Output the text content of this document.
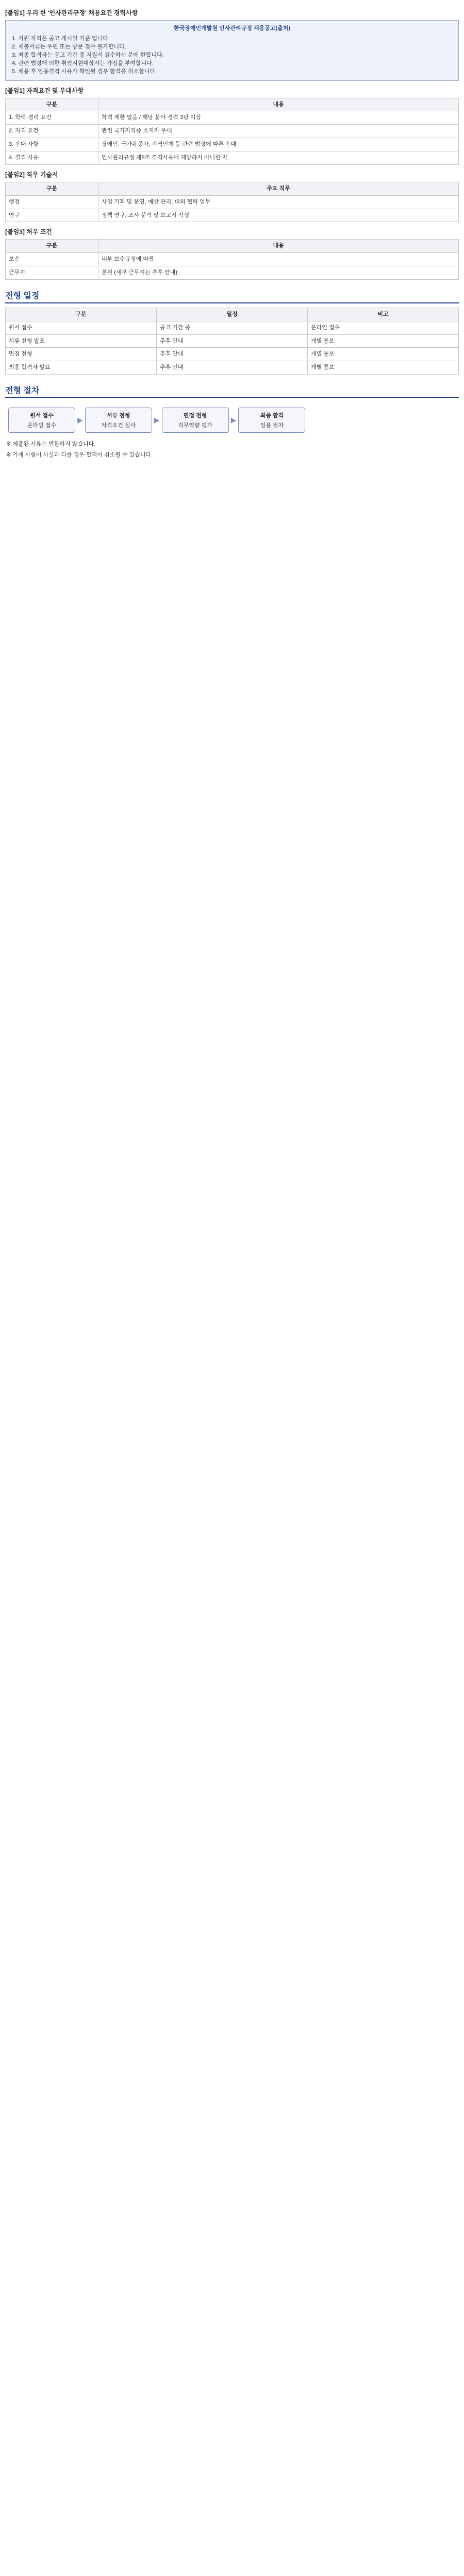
[붙임1] 우리 한 '인사관리규정' 채용요건 경력사항
한국장애인개발원 인사관리규정 채용공고(출처)
1. 지원 자격은 공고 게시일 기준 입니다.
2. 제출서류는 우편 또는 방문 접수 불가합니다.
3. 최종 합격자는 공고 기간 중 지원서 접수하신 분에 한합니다.
4. 관련 법령에 의한 취업지원대상자는 가점을 부여합니다.
5. 채용 후 임용결격 사유가 확인될 경우 합격을 취소합니다.
[붙임1] 자격요건 및 우대사항
구분	내용
1. 학력·경력 요건	학력 제한 없음 / 해당 분야 경력 3년 이상
2. 자격 요건	관련 국가자격증 소지자 우대
3. 우대 사항	장애인, 국가유공자, 지역인재 등 관련 법령에 따른 우대
4. 결격 사유	인사관리규정 제8조 결격사유에 해당하지 아니한 자
[붙임2] 직무 기술서
구분	주요 직무
행정	사업 기획 및 운영, 예산 관리, 대외 협력 업무
연구	정책 연구, 조사 분석 및 보고서 작성
[붙임3] 처우 조건
구분	내용
보수	내부 보수규정에 따름
근무지	본원 (세부 근무지는 추후 안내)
전형 일정
구분	일정	비고
원서 접수	공고 기간 중	온라인 접수
서류 전형 발표	추후 안내	개별 통보
면접 전형	추후 안내	개별 통보
최종 합격자 발표	추후 안내	개별 통보
전형 절차
원서 접수
온라인 접수
▶	서류 전형
자격요건 심사
▶	면접 전형
직무역량 평가
▶	최종 합격
임용 절차
※ 제출된 서류는 반환하지 않습니다.
※ 기재 사항이 사실과 다를 경우 합격이 취소될 수 있습니다.
